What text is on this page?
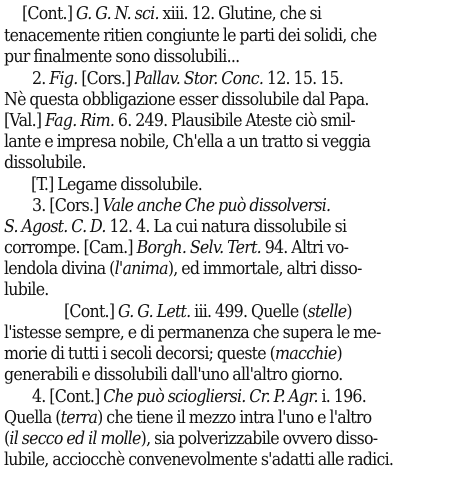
[Cont.] G. G. N. sci. xiii. 12. Glutine, che si
tenacemente ritien congiunte le parti dei solidi, che
pur finalmente sono dissolubili...
2. Fig. [Cors.] Pallav. Stor. Conc. 12. 15. 15.
Nè questa obbligazione esser dissolubile dal Papa.
[Val.] Fag. Rim. 6. 249. Plausibile Ateste ciò smil-
lante e impresa nobile, Ch'ella a un tratto si veggia
dissolubile.
[T.] Legame dissolubile.
3. [Cors.] Vale anche Che può dissolversi.
S. Agost. C. D. 12. 4. La cui natura dissolubile si
corrompe. [Cam.] Borgh. Selv. Tert. 94. Altri vo-
lendola divina (l'anima), ed immortale, altri disso-
lubile.
[Cont.] G. G. Lett. iii. 499. Quelle (stelle)
l'istesse sempre, e di permanenza che supera le me-
morie di tutti i secoli decorsi; queste (macchie)
generabili e dissolubili dall'uno all'altro giorno.
4. [Cont.] Che può sciogliersi. Cr. P. Agr. i. 196.
Quella (terra) che tiene il mezzo intra l'uno e l'altro
(il secco ed il molle), sia polverizzabile ovvero disso-
lubile, acciocchè convenevolmente s'adatti alle radici.
